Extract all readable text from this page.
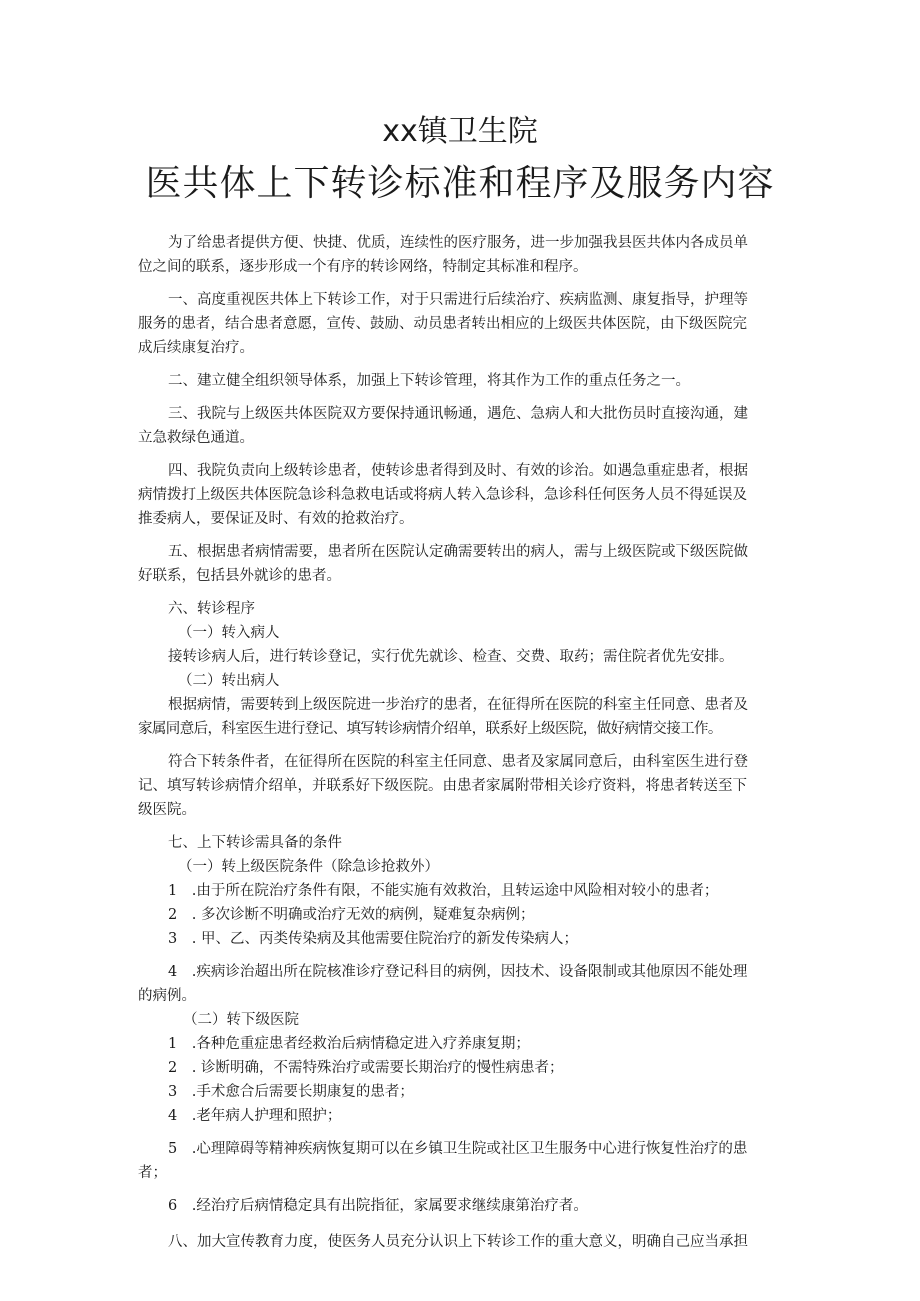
xx镇卫生院
医共体上下转诊标准和程序及服务内容

为了给患者提供方便、快捷、优质，连续性的医疗服务，进一步加强我县医共体内各成员单

位之间的联系，逐步形成一个有序的转诊网络，特制定其标准和程序。

一、高度重视医共体上下转诊工作，对于只需进行后续治疗、疾病监测、康复指导，护理等

服务的患者，结合患者意愿，宣传、鼓励、动员患者转出相应的上级医共体医院，由下级医院完

成后续康复治疗。

二、建立健全组织领导体系，加强上下转诊管理，将其作为工作的重点任务之一。

三、我院与上级医共体医院双方要保持通讯畅通，遇危、急病人和大批伤员时直接沟通，建

立急救绿色通道。

四、我院负责向上级转诊患者，使转诊患者得到及时、有效的诊治。如遇急重症患者，根据

病情拨打上级医共体医院急诊科急救电话或将病人转入急诊科，急诊科任何医务人员不得延误及

推委病人，要保证及时、有效的抢救治疗。

五、根据患者病情需要，患者所在医院认定确需要转出的病人，需与上级医院或下级医院做

好联系，包括县外就诊的患者。

六、转诊程序

（一）转入病人

接转诊病人后，进行转诊登记，实行优先就诊、检查、交费、取药；需住院者优先安排。

（二）转出病人

根据病情，需要转到上级医院进一步治疗的患者，在征得所在医院的科室主任同意、患者及

家属同意后，科室医生进行登记、填写转诊病情介绍单，联系好上级医院，做好病情交接工作。

符合下转条件者，在征得所在医院的科室主任同意、患者及家属同意后，由科室医生进行登

记、填写转诊病情介绍单，并联系好下级医院。由患者家属附带相关诊疗资料，将患者转送至下

级医院。

七、上下转诊需具备的条件

（一）转上级医院条件（除急诊抢救外）

1　.由于所在院治疗条件有限，不能实施有效救治，且转运途中风险相对较小的患者；

2　. 多次诊断不明确或治疗无效的病例，疑难复杂病例；

3　. 甲、乙、丙类传染病及其他需要住院治疗的新发传染病人；

4　.疾病诊治超出所在院核准诊疗登记科目的病例，因技术、设备限制或其他原因不能处理

的病例。

（二）转下级医院

1　.各种危重症患者经救治后病情稳定进入疗养康复期；

2　. 诊断明确，不需特殊治疗或需要长期治疗的慢性病患者；

3　.手术愈合后需要长期康复的患者；

4　.老年病人护理和照护；

5　.心理障碍等精神疾病恢复期可以在乡镇卫生院或社区卫生服务中心进行恢复性治疗的患

者；

6　.经治疗后病情稳定具有出院指征，家属要求继续康第治疗者。

八、加大宣传教育力度，使医务人员充分认识上下转诊工作的重大意义，明确自己应当承担
